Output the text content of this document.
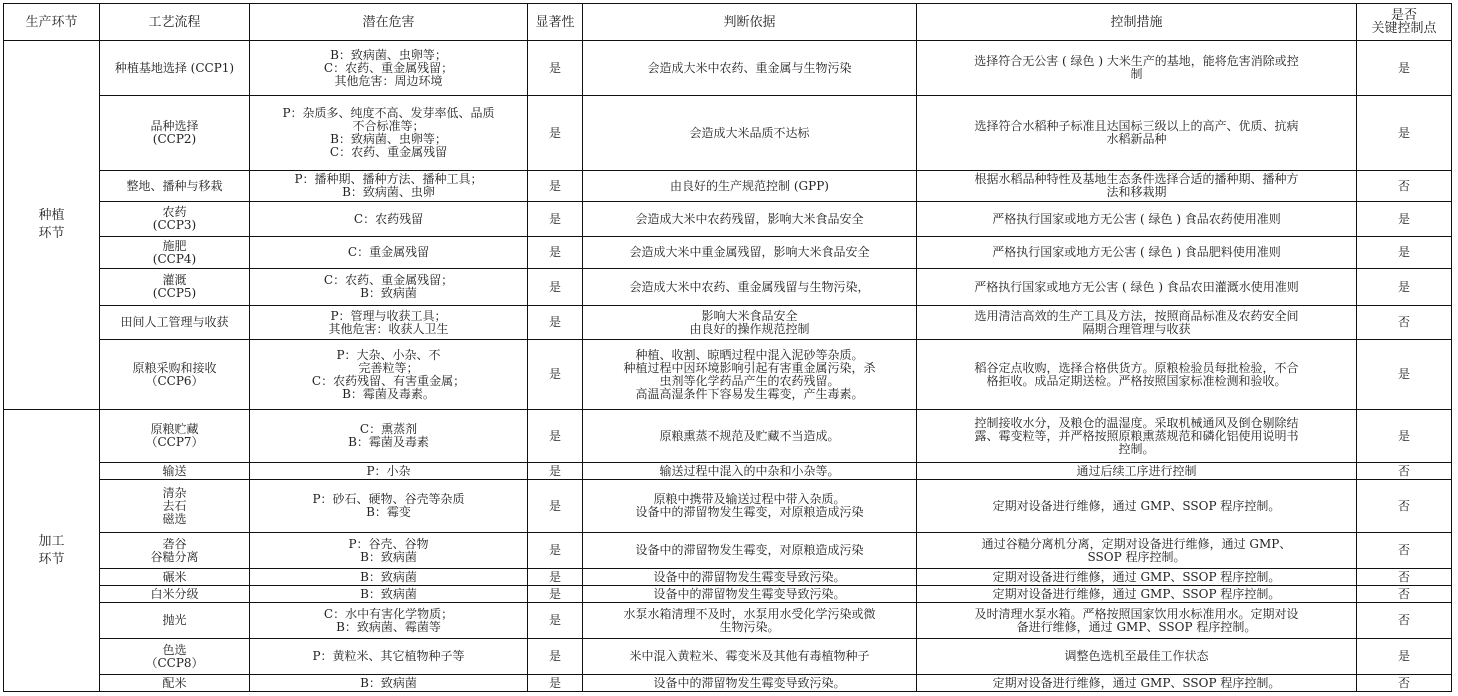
生产环节	工艺流程	潜在危害	显著性	判断依据	控制措施	是否
关键控制点

种植
环节	种植基地选择 (CCP1)	B：致病菌、虫卵等；
C：农药、重金属残留；
其他危害：周边环境	是	会造成大米中农药、重金属与生物污染	选择符合无公害 ( 绿色 ) 大米生产的基地，能将危害消除或控
制	是

	品种选择
(CCP2)	P：杂质多、纯度不高、发芽率低、品质
不合标准等；
B：致病菌、虫卵等；
C：农药、重金属残留	是	会造成大米品质不达标	选择符合水稻种子标准且达国标三级以上的高产、优质、抗病
水稻新品种	是

	整地、播种与移栽	P：播种期、播种方法、播种工具；
B：致病菌、虫卵	是	由良好的生产规范控制 (GPP)	根据水稻品种特性及基地生态条件选择合适的播种期、播种方
法和移栽期	否

	农药
(CCP3)	C：农药残留	是	会造成大米中农药残留，影响大米食品安全	严格执行国家或地方无公害 ( 绿色 ) 食品农药使用准则	是

	施肥
(CCP4)	C：重金属残留	是	会造成大米中重金属残留，影响大米食品安全	严格执行国家或地方无公害 ( 绿色 ) 食品肥料使用准则	是

	灌溉
(CCP5)	C：农药、重金属残留；
B：致病菌	是	会造成大米中农药、重金属残留与生物污染，	严格执行国家或地方无公害 ( 绿色 ) 食品农田灌溉水使用准则	是

	田间人工管理与收获	P：管理与收获工具；
其他危害：收获人卫生	是	影响大米食品安全
由良好的操作规范控制	选用清洁高效的生产工具及方法，按照商品标准及农药安全间
隔期合理管理与收获	否

	原粮采购和接收
（CCP6）	P：大杂、小杂、不
完善粒等；
C：农药残留、有害重金属；
B：霉菌及毒素。	是	种植、收割、晾晒过程中混入泥砂等杂质。
种植过程中因环境影响引起有害重金属污染，杀
虫剂等化学药品产生的农药残留。
高温高湿条件下容易发生霉变，产生毒素。	稻谷定点收购，选择合格供货方。原粮检验员每批检验，不合
格拒收。成品定期送检。严格按照国家标准检测和验收。	是

加工
环节	原粮贮藏
（CCP7）	C：熏蒸剂
B：霉菌及毒素	是	原粮熏蒸不规范及贮藏不当造成。	控制接收水分，及粮仓的温湿度。采取机械通风及倒仓剔除结
露、霉变粒等，并严格按照原粮熏蒸规范和磷化铝使用说明书
控制。	是

	输送	P：小杂	是	输送过程中混入的中杂和小杂等。	通过后续工序进行控制	否

	清杂
去石
磁选	P：砂石、硬物、谷壳等杂质
B：霉变	是	原粮中携带及输送过程中带入杂质。
设备中的滞留物发生霉变，对原粮造成污染	定期对设备进行维修，通过 GMP、SSOP 程序控制。	否

	砻谷
谷糙分离	P：谷壳、谷物
B：致病菌	是	设备中的滞留物发生霉变，对原粮造成污染	通过谷糙分离机分离，定期对设备进行维修，通过 GMP、
SSOP 程序控制。	否

	碾米	B：致病菌	是	设备中的滞留物发生霉变导致污染。	定期对设备进行维修，通过 GMP、SSOP 程序控制。	否

	白米分级	B：致病菌	是	设备中的滞留物发生霉变导致污染。	定期对设备进行维修，通过 GMP、SSOP 程序控制。	否

	抛光	C：水中有害化学物质；
B：致病菌、霉菌等	是	水泵水箱清理不及时，水泵用水受化学污染或微
生物污染。	及时清理水泵水箱。严格按照国家饮用水标准用水。定期对设
备进行维修，通过 GMP、SSOP 程序控制。	否

	色选
（CCP8）	P：黄粒米、其它植物种子等	是	米中混入黄粒米、霉变米及其他有毒植物种子	调整色选机至最佳工作状态	是

	配米	B：致病菌	是	设备中的滞留物发生霉变导致污染。	定期对设备进行维修，通过 GMP、SSOP 程序控制。	否
